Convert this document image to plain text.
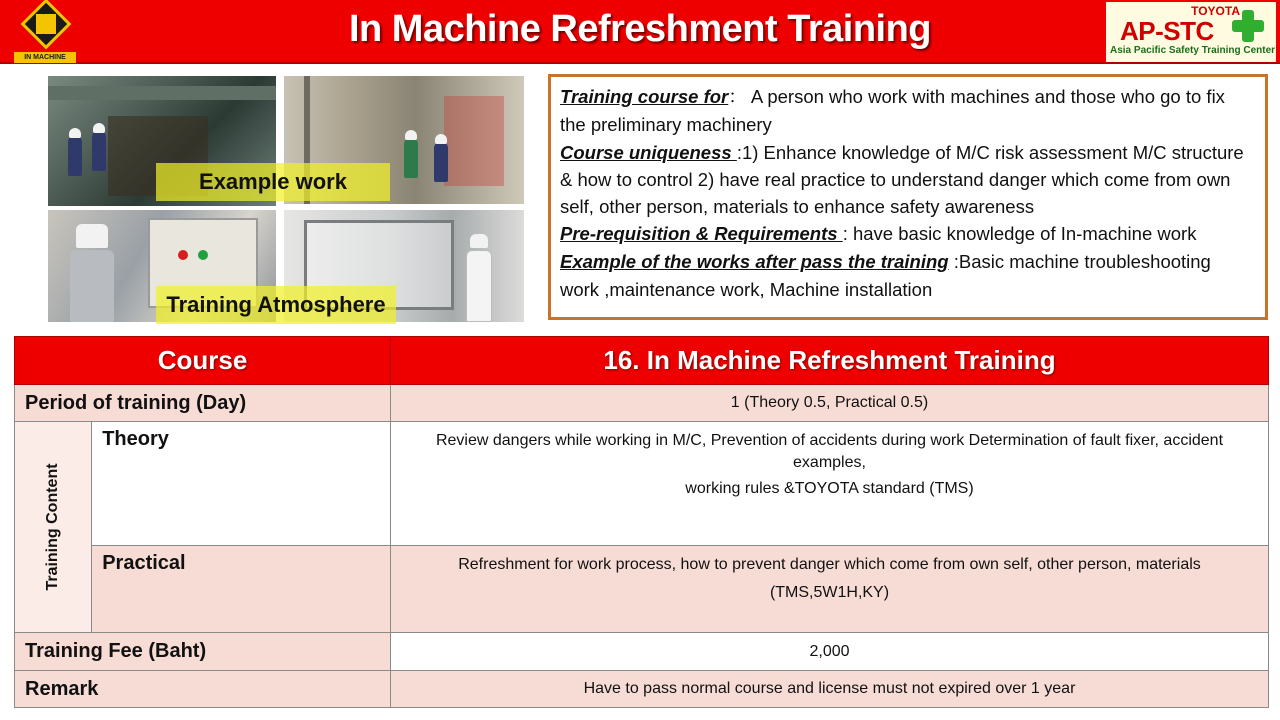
IN MACHINE
In Machine Refreshment Training	TOYOTA
AP-STC
Asia Pacific Safety Training Center
Example work
Training Atmosphere

Training course for： A person who work with machines and those who go to fix the preliminary machinery

Course uniqueness :1) Enhance knowledge of M/C risk assessment M/C structure & how to control 2) have real practice to understand danger which come from own self, other person, materials to enhance safety awareness

Pre-requisition & Requirements : have basic knowledge of In-machine work

Example of the works after pass the training :Basic machine troubleshooting work ,maintenance work, Machine installation

Course		16. In Machine Refreshment Training
Period of training (Day)		1 (Theory 0.5, Practical 0.5)

Training Content	Theory	Review dangers while working in M/C, Prevention of accidents during work Determination of fault fixer, accident examples,
working rules &TOYOTA standard (TMS)

	Practical	Refreshment for work process, how to prevent danger which come from own self, other person, materials
(TMS,5W1H,KY)

Training Fee (Baht)		2,000
Remark		Have to pass normal course and license must not expired over 1 year
